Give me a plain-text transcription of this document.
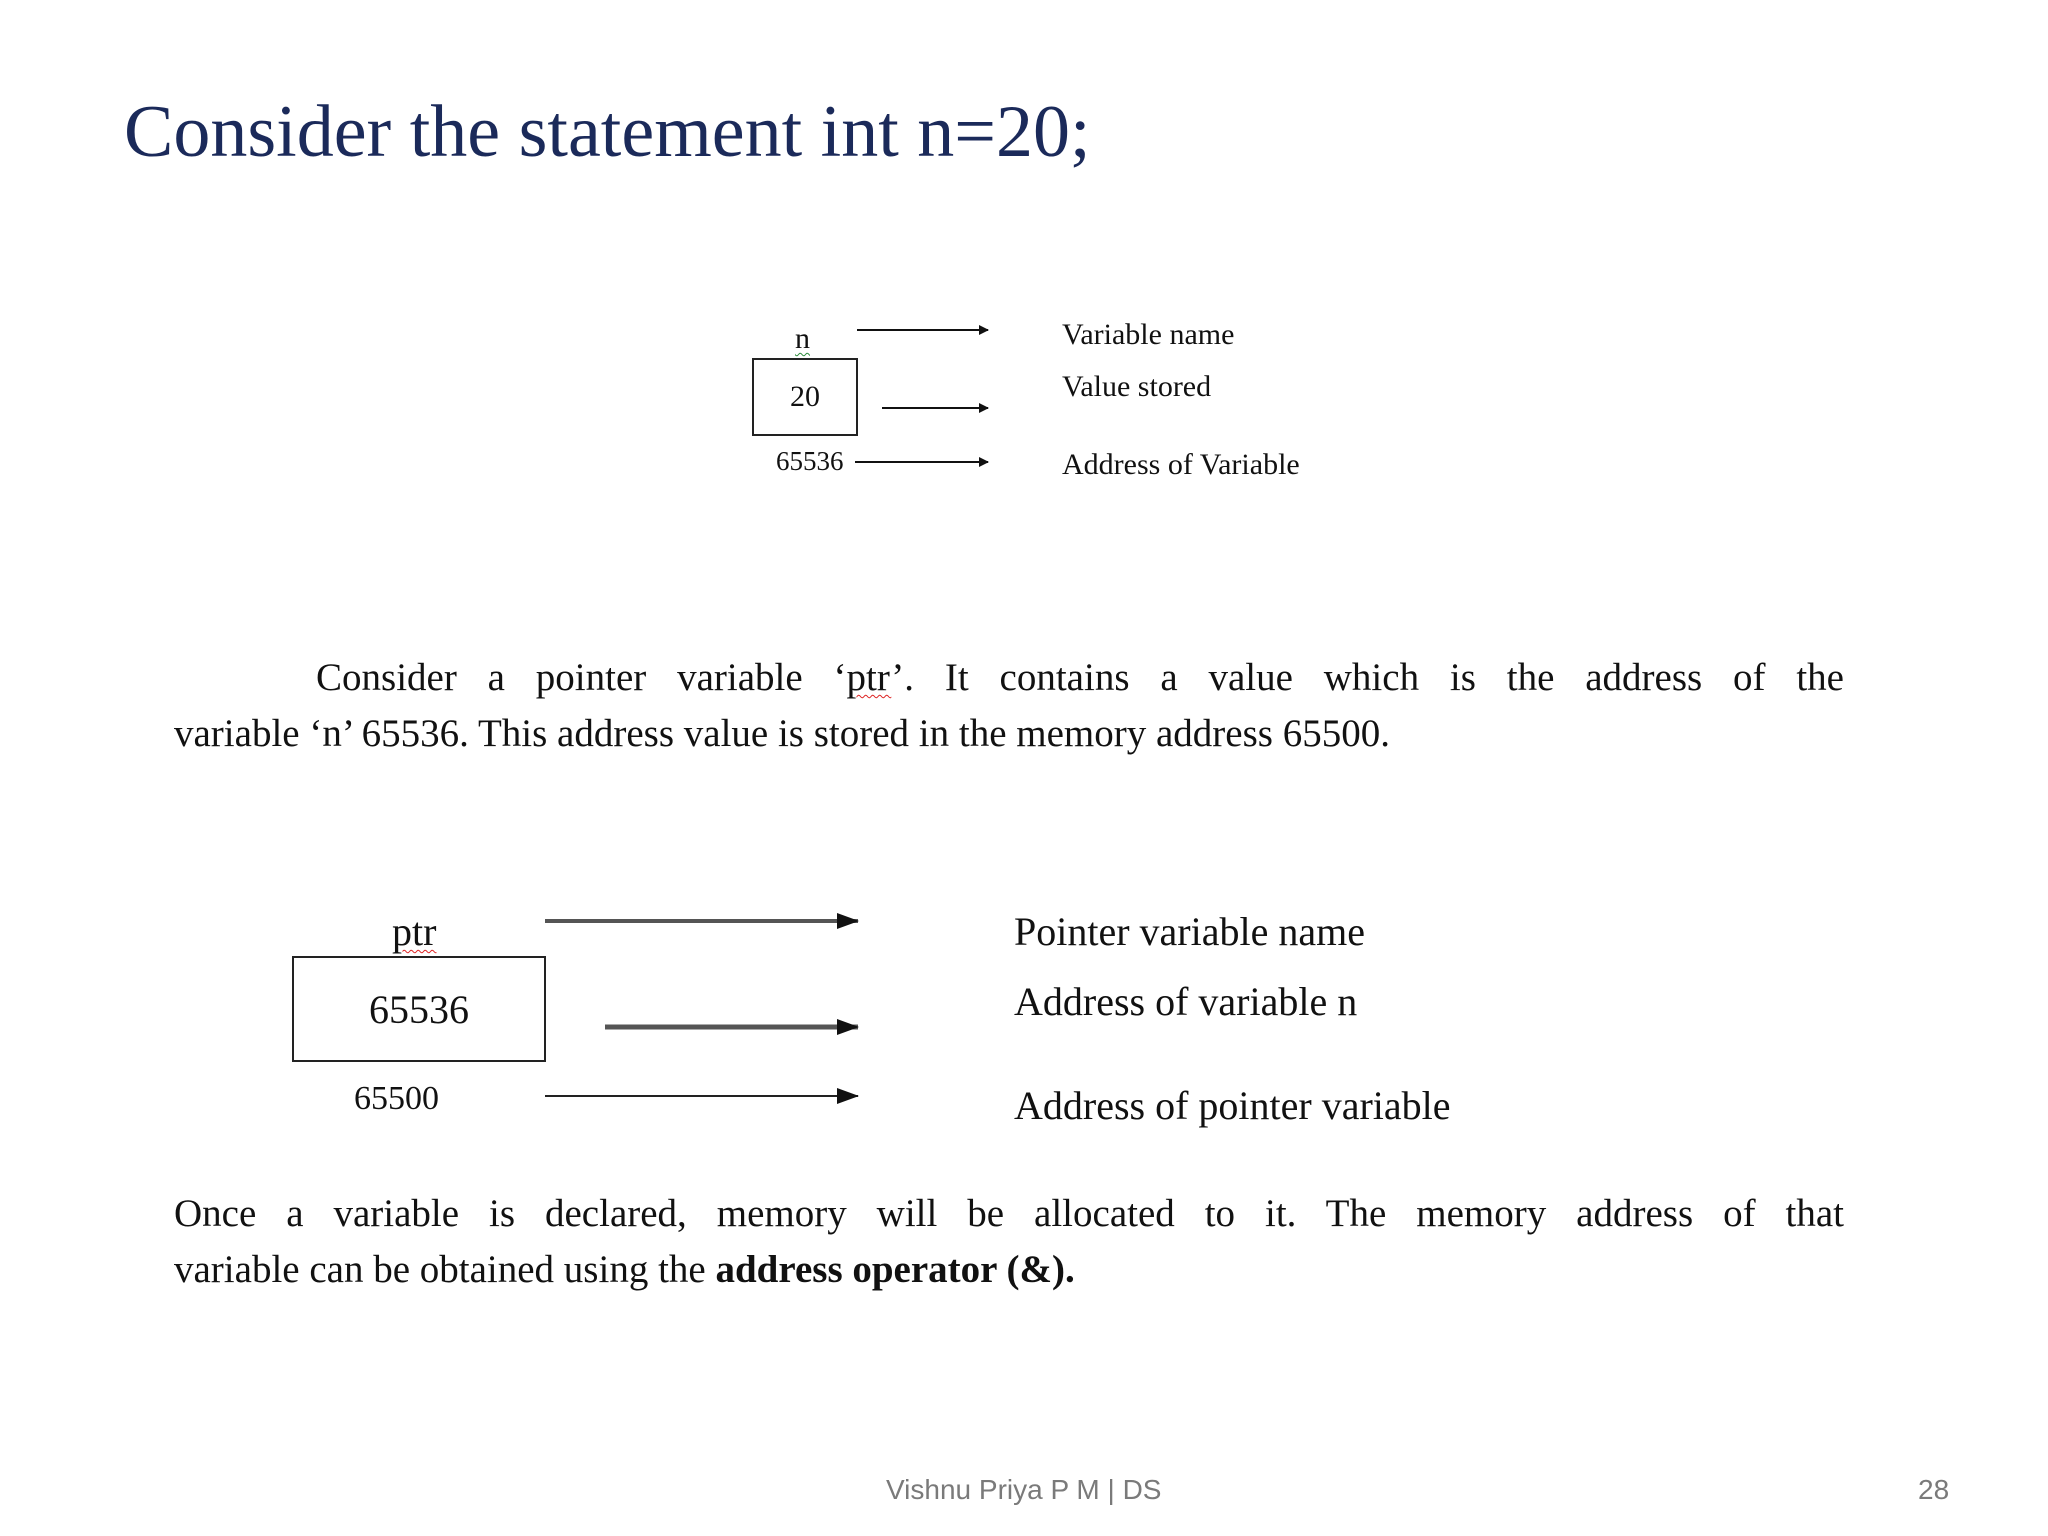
Consider the statement int n=20;
n
20
65536
Variable name
Value stored
Address of Variable
Consider a pointer variable ‘ptr’. It contains a value which is the address of the
variable ‘n’ 65536. This address value is stored in the memory address 65500.
ptr
65536
65500
Pointer variable name
Address of variable n
Address of pointer variable
Once a variable is declared, memory will be allocated to it. The memory address of that
variable can be obtained using the address operator (&).
Vishnu Priya P M | DS	28
